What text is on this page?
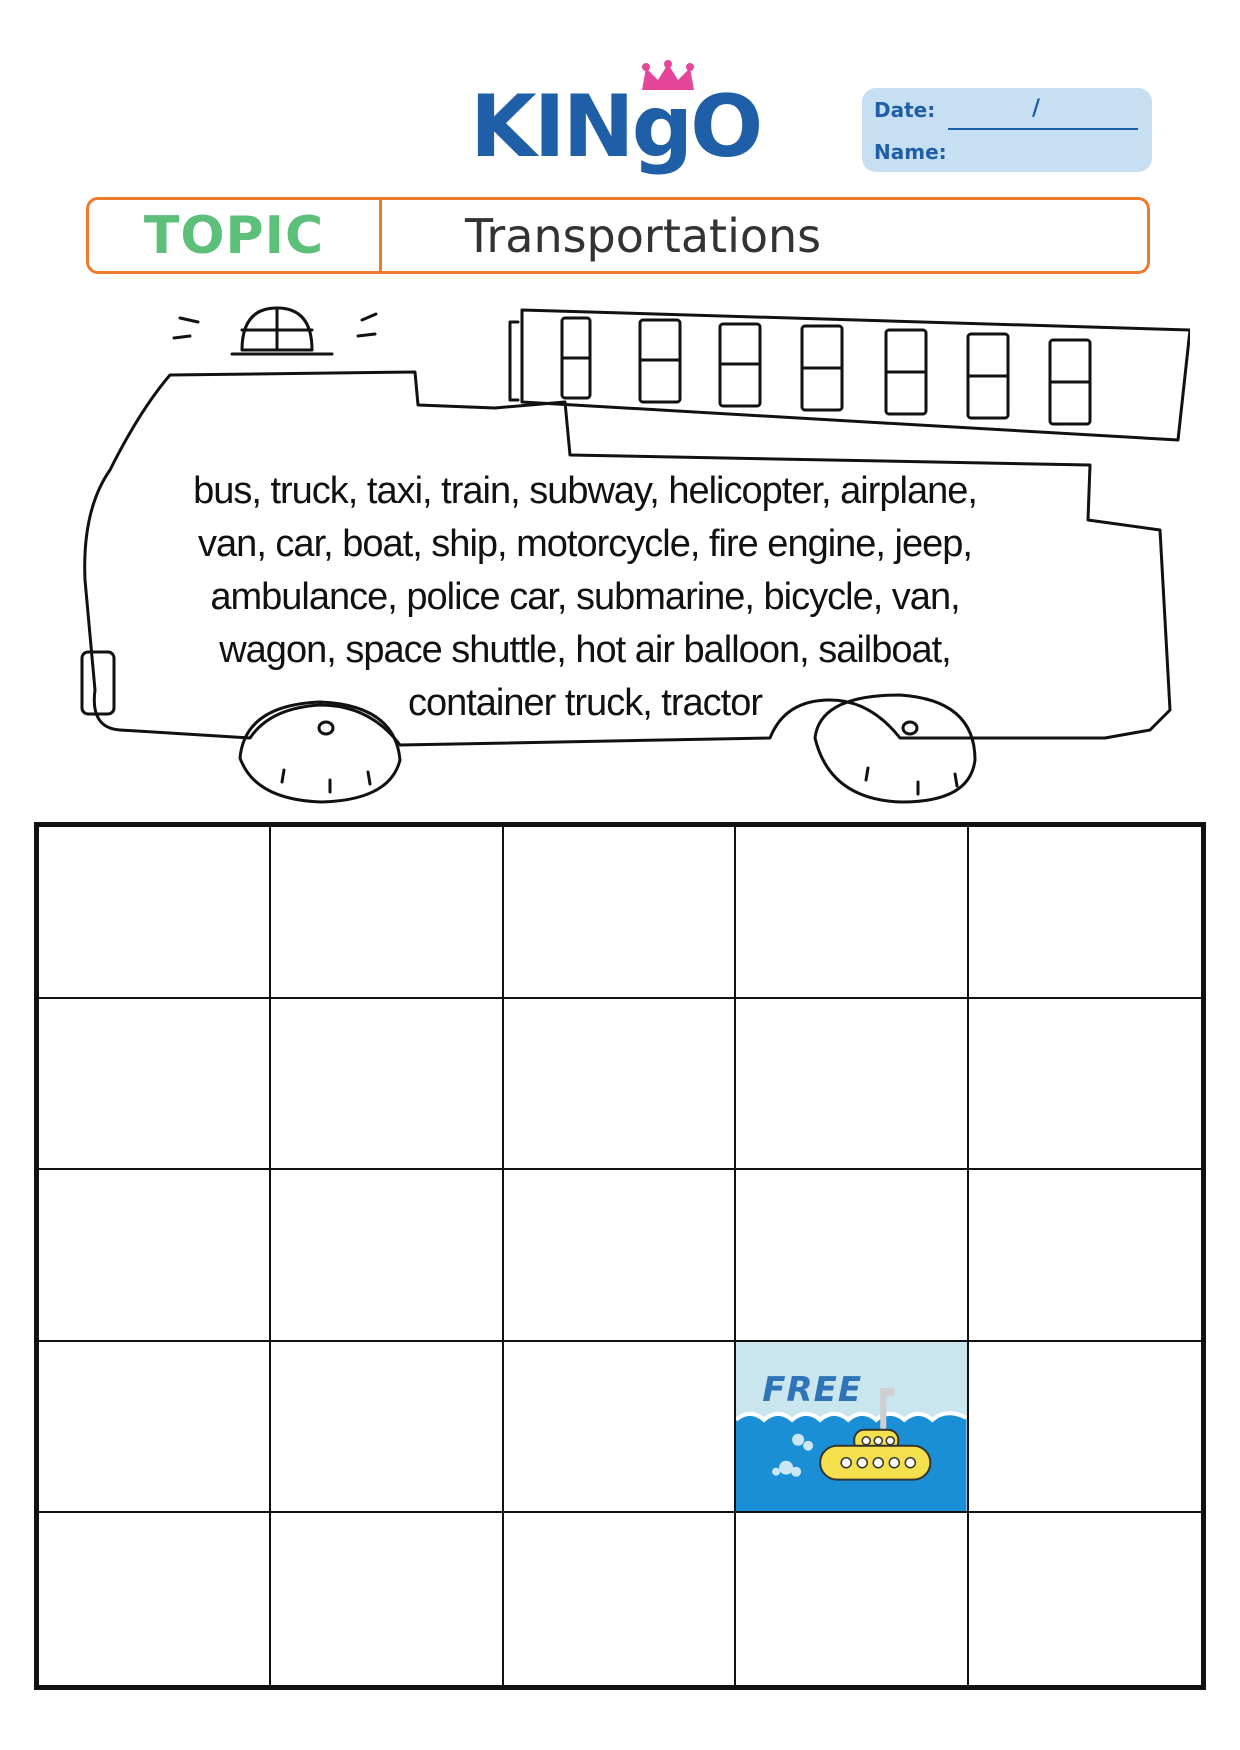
KINgO	Date:
Name:
/
TOPIC	Transportations
bus, truck, taxi, train, subway, helicopter, airplane,
van, car, boat, ship, motorcycle, fire engine, jeep,
ambulance, police car, submarine, bicycle, van,
wagon, space shuttle, hot air balloon, sailboat,
container truck, tractor
FREE
